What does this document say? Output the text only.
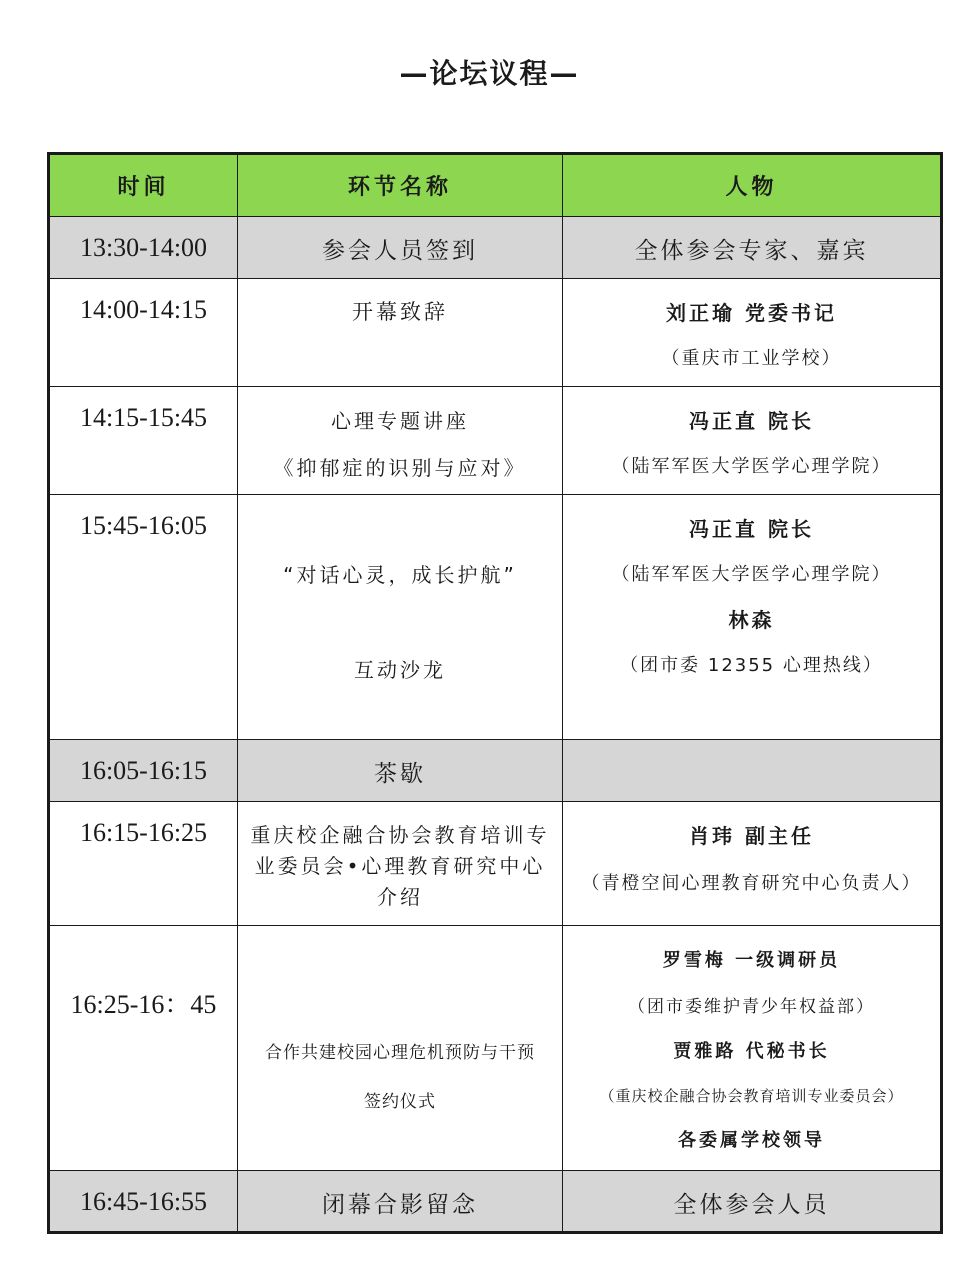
—论坛议程—
时间	环节名称	人物
13:30-14:00	参会人员签到	全体参会专家、嘉宾
14:00-14:15	开幕致辞	刘正瑜 党委书记
（重庆市工业学校）

14:15-15:45	心理专题讲座
《抑郁症的识别与应对》	冯正直 院长
（陆军军医大学医学心理学院）

15:45-16:05	“对话心灵，成长护航”
互动沙龙	冯正直 院长
（陆军军医大学医学心理学院）
林森
（团市委 12355 心理热线）

16:05-16:15	茶歇	
16:15-16:25	重庆校企融合协会教育培训专
业委员会•心理教育研究中心
介绍	肖玮 副主任
（青橙空间心理教育研究中心负责人）

16:25-16：45	合作共建校园心理危机预防与干预
签约仪式	罗雪梅 一级调研员
（团市委维护青少年权益部）
贾雅路 代秘书长
（重庆校企融合协会教育培训专业委员会）
各委属学校领导

16:45-16:55	闭幕合影留念	全体参会人员
